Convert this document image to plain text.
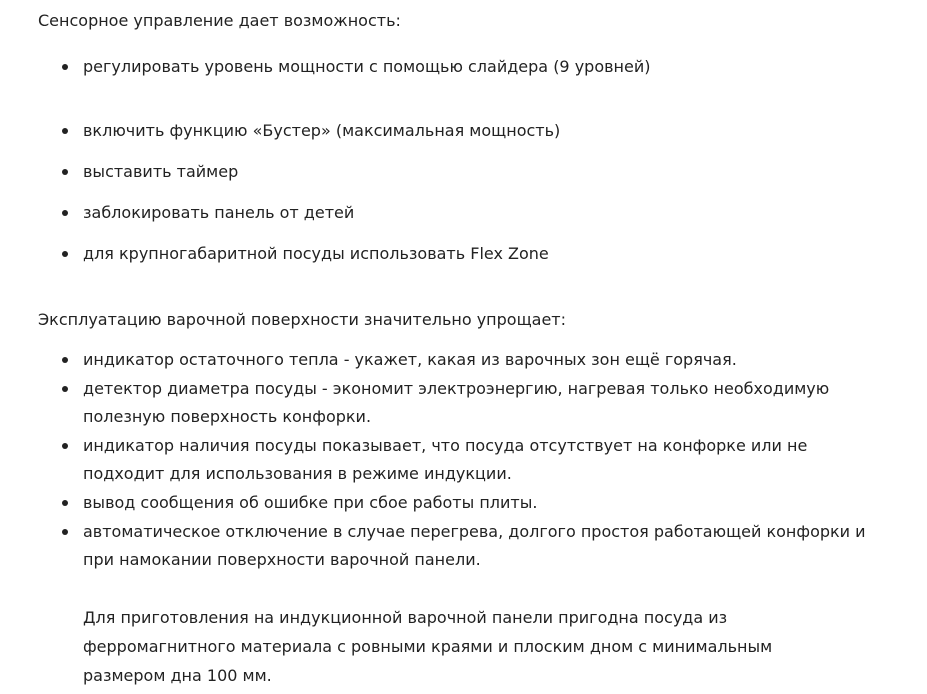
Сенсорное управление дает возможность:

регулировать уровень мощности с помощью слайдера (9 уровней)
включить функцию «Бустер» (максимальная мощность)
выставить таймер
заблокировать панель от детей
для крупногабаритной посуды использовать Flex Zone

Эксплуатацию варочной поверхности значительно упрощает:

индикатор остаточного тепла - укажет, какая из варочных зон ещё горячая.
детектор диаметра посуды - экономит электроэнергию, нагревая только необходимую
полезную поверхность конфорки.
индикатор наличия посуды показывает, что посуда отсутствует на конфорке или не
подходит для использования в режиме индукции.
вывод сообщения об ошибке при сбое работы плиты.
автоматическое отключение в случае перегрева, долгого простоя работающей конфорки и
при намокании поверхности варочной панели.
Для приготовления на индукционной варочной панели пригодна посуда из
ферромагнитного материала с ровными краями и плоским дном с минимальным
размером дна 100 мм.
